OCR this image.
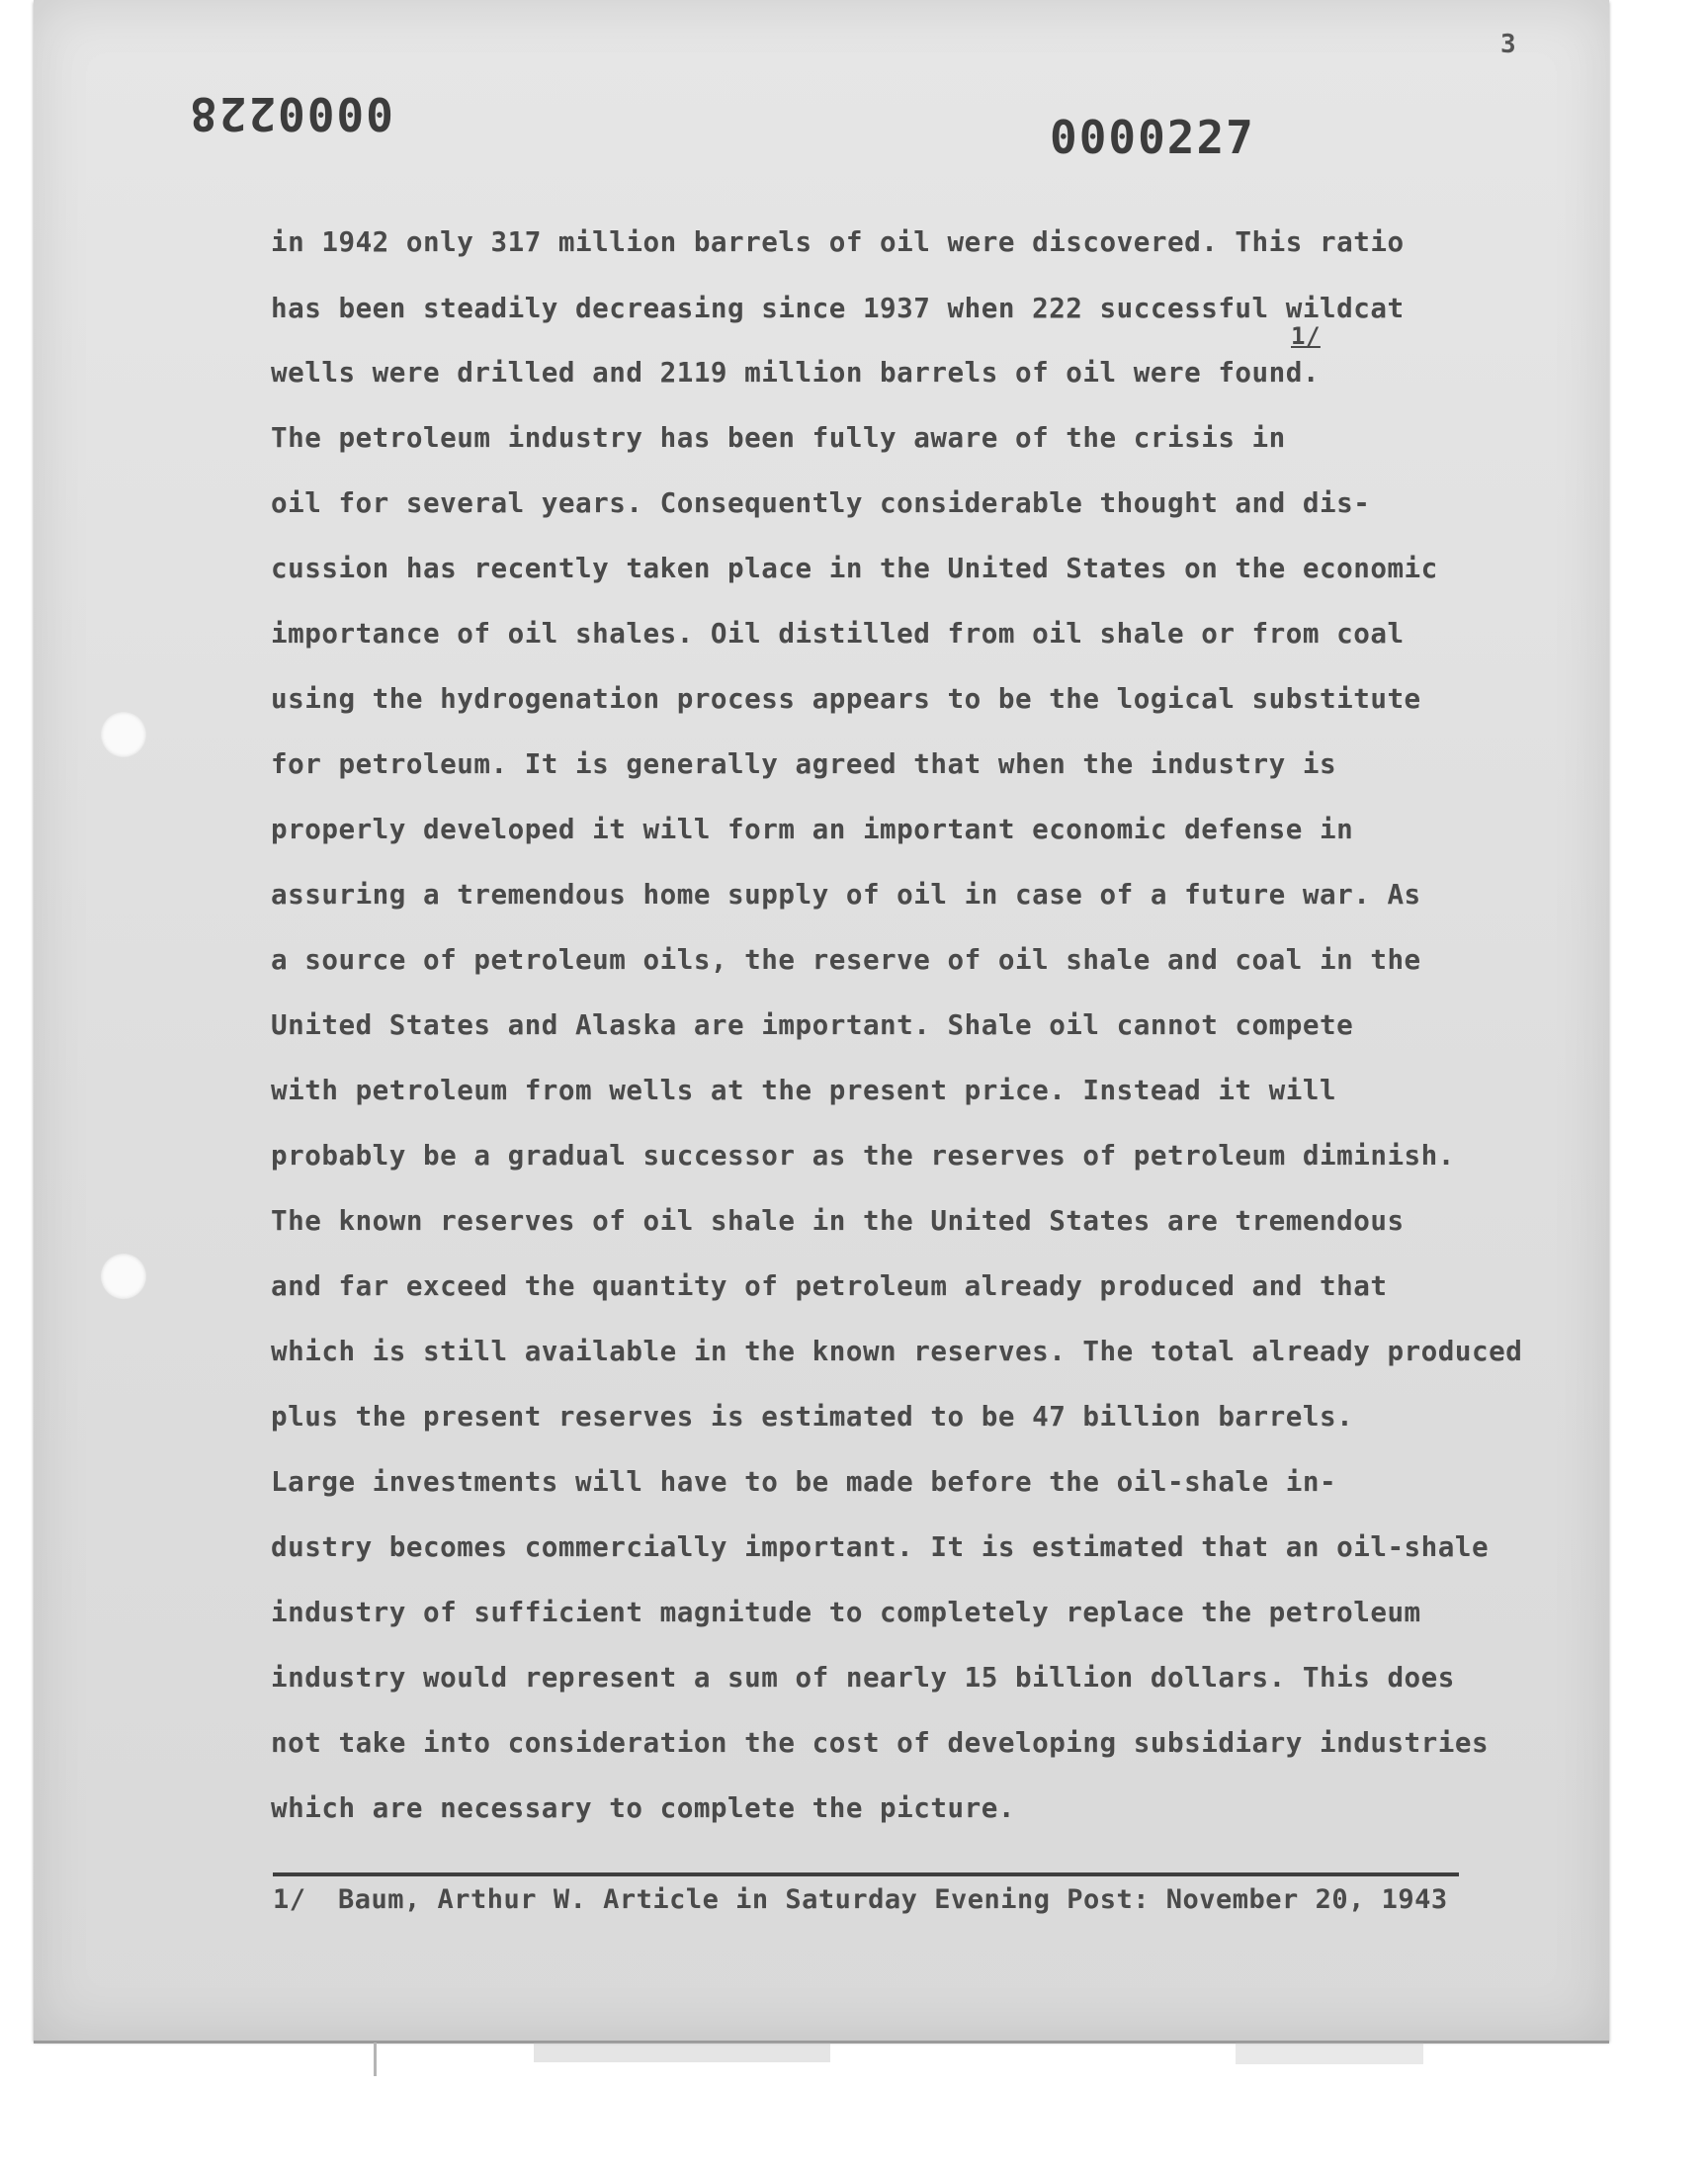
0000228	0000227
3
in 1942 only 317 million barrels of oil were discovered. This ratio
has been steadily decreasing since 1937 when 222 successful wildcat
wells were drilled and 2119 million barrels of oil were found.
1/
The petroleum industry has been fully aware of the crisis in
oil for several years. Consequently considerable thought and dis-
cussion has recently taken place in the United States on the economic
importance of oil shales. Oil distilled from oil shale or from coal
using the hydrogenation process appears to be the logical substitute
for petroleum. It is generally agreed that when the industry is
properly developed it will form an important economic defense in
assuring a tremendous home supply of oil in case of a future war. As
a source of petroleum oils, the reserve of oil shale and coal in the
United States and Alaska are important. Shale oil cannot compete
with petroleum from wells at the present price. Instead it will
probably be a gradual successor as the reserves of petroleum diminish.
The known reserves of oil shale in the United States are tremendous
and far exceed the quantity of petroleum already produced and that
which is still available in the known reserves. The total already produced
plus the present reserves is estimated to be 47 billion barrels.
Large investments will have to be made before the oil-shale in-
dustry becomes commercially important. It is estimated that an oil-shale
industry of sufficient magnitude to completely replace the petroleum
industry would represent a sum of nearly 15 billion dollars. This does
not take into consideration the cost of developing subsidiary industries
which are necessary to complete the picture.
1/ Baum, Arthur W. Article in Saturday Evening Post: November 20, 1943
